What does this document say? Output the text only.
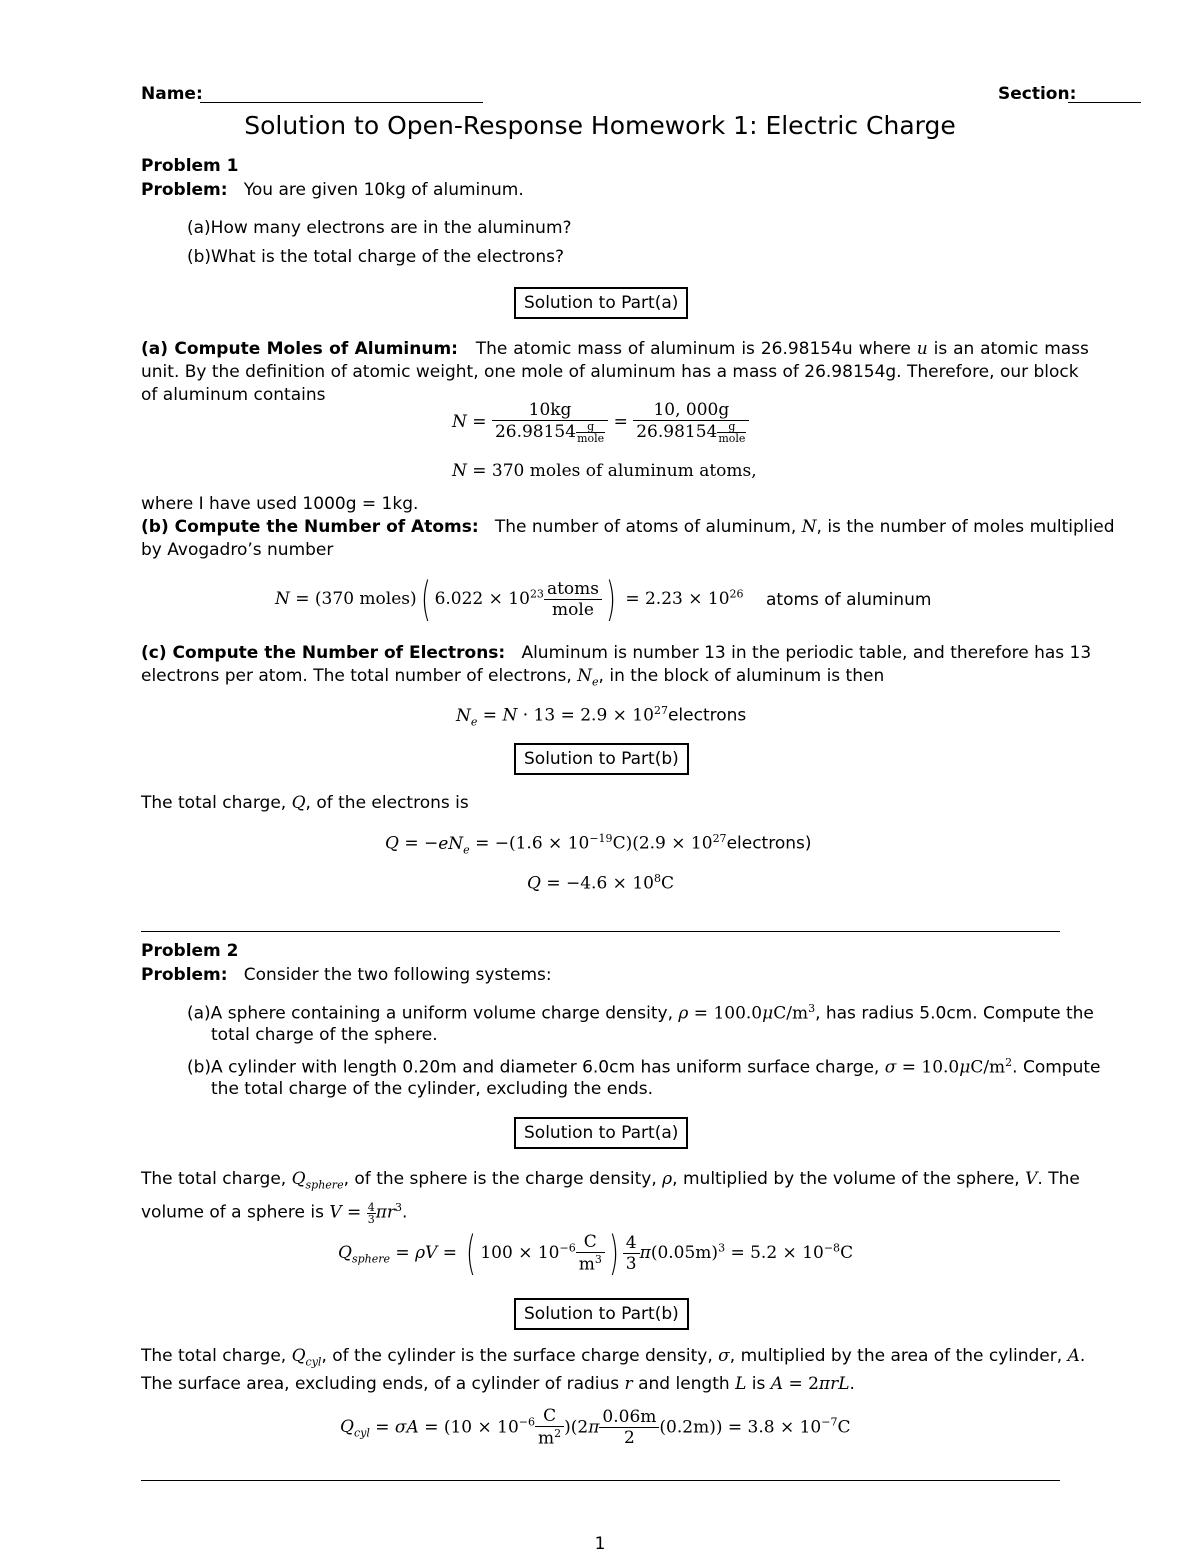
Name:	Section:
Solution to Open-Response Homework 1: Electric Charge
Problem 1
Problem: You are given 10kg of aluminum.
(a)How many electrons are in the aluminum?
(b)What is the total charge of the electrons?
Solution to Part(a)
(a) Compute Moles of Aluminum: The atomic mass of aluminum is 26.98154u where u is an atomic mass
unit. By the definition of atomic weight, one mole of aluminum has a mass of 26.98154g. Therefore, our block
of aluminum contains
$N = \frac{10kg}{26.98154 \frac{g}{\text{mole}}} = \frac{10, 000g}{26.98154 \frac{g}{\text{mole}}}$
N = 370 moles of aluminum atoms,
where I have used 1000g = 1kg.
(b) Compute the Number of Atoms: The number of atoms of aluminum, N, is the number of moles multiplied
by Avogadro’s number
N = (370 moles)( $6.022 \times 10^{23} \frac{\text{atoms}}{\text{mole}}$ ) = $2.23 \times 10^{26}$ atoms of aluminum
(c) Compute the Number of Electrons: Aluminum is number 13 in the periodic table, and therefore has 13
electrons per atom. The total number of electrons, $N_e$, in the block of aluminum is then
$N_e = N \cdot 13 = 2.9$ × $10^{27}electrons$
Solution to Part(b)
The total charge, Q, of the electrons is
$Q = -eN_e = -(1.6 \times 10^{-19}C)(2.9$ × $10^{27}electrons$)
$Q = -4.6 \times 10^8C$
Problem 2
Problem: Consider the two following systems:
(a)A sphere containing a uniform volume charge density, $\rho = 100.0\mu C/m^3$, has radius 5.0cm. Compute the
total charge of the sphere.
(b)A cylinder with length 0.20m and diameter 6.0cm has uniform surface charge, $\sigma = 10.0\mu C/m^2$. Compute
the total charge of the cylinder, excluding the ends.
Solution to Part(a)
The total charge, $Q_{sphere}$, of the sphere is the charge density, ρ, multiplied by the volume of the sphere, V. The
volume of a sphere is $V = \frac{4}{3} \pi r^3$.
$Q_{sphere} = \rho V$ = ( $100 \times 10^{-6} \frac{C}{m^3}$ ) $\frac{4}{3} \pi(0.05m)^3 = 5.2 \times 10^{-8}C$
Solution to Part(b)
The total charge, $Q_{cyl}$, of the cylinder is the surface charge density, σ, multiplied by the area of the cylinder, A.
The surface area, excluding ends, of a cylinder of radius r and length L is A = 2πrL.
$Q_{cyl} = \sigma A = (10 \times 10^{-6} \frac{C}{m^2} )(2\pi \frac{0.06m}{2} (0.2m)) = 3.8 \times 10^{-7}C$
1
